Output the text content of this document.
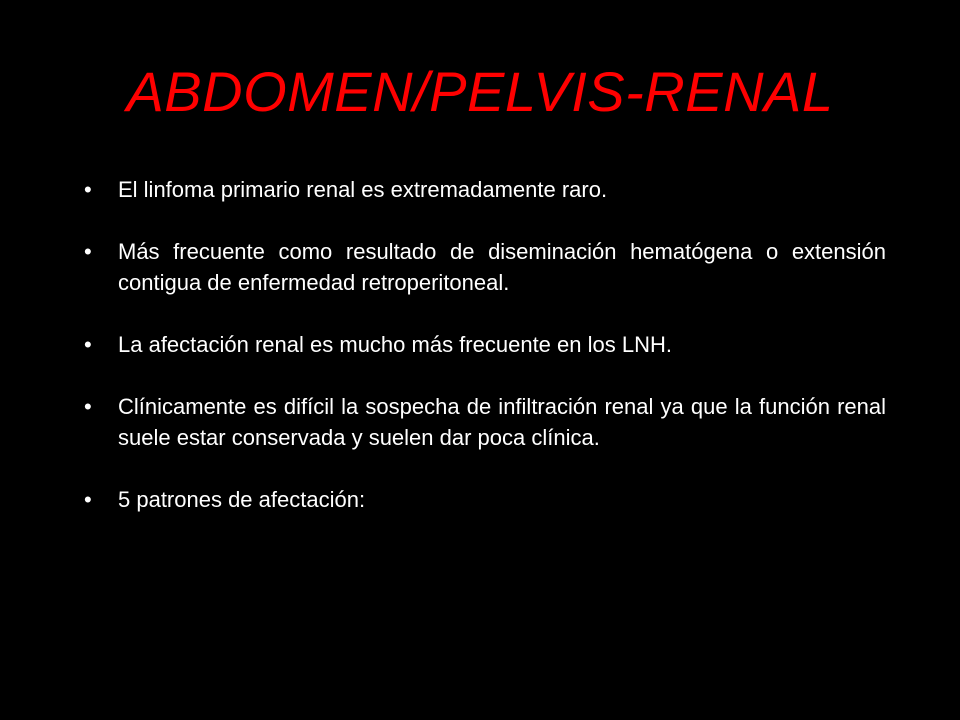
ABDOMEN/PELVIS-RENAL
•	El linfoma primario renal es extremadamente raro.
•	Más frecuente como resultado de diseminación hematógena o extensión contigua de enfermedad retroperitoneal.
•	La afectación renal es mucho más frecuente en los LNH.
•	Clínicamente es difícil la sospecha de infiltración renal ya que la función renal suele estar conservada y suelen dar poca clínica.
•	5 patrones de afectación:
